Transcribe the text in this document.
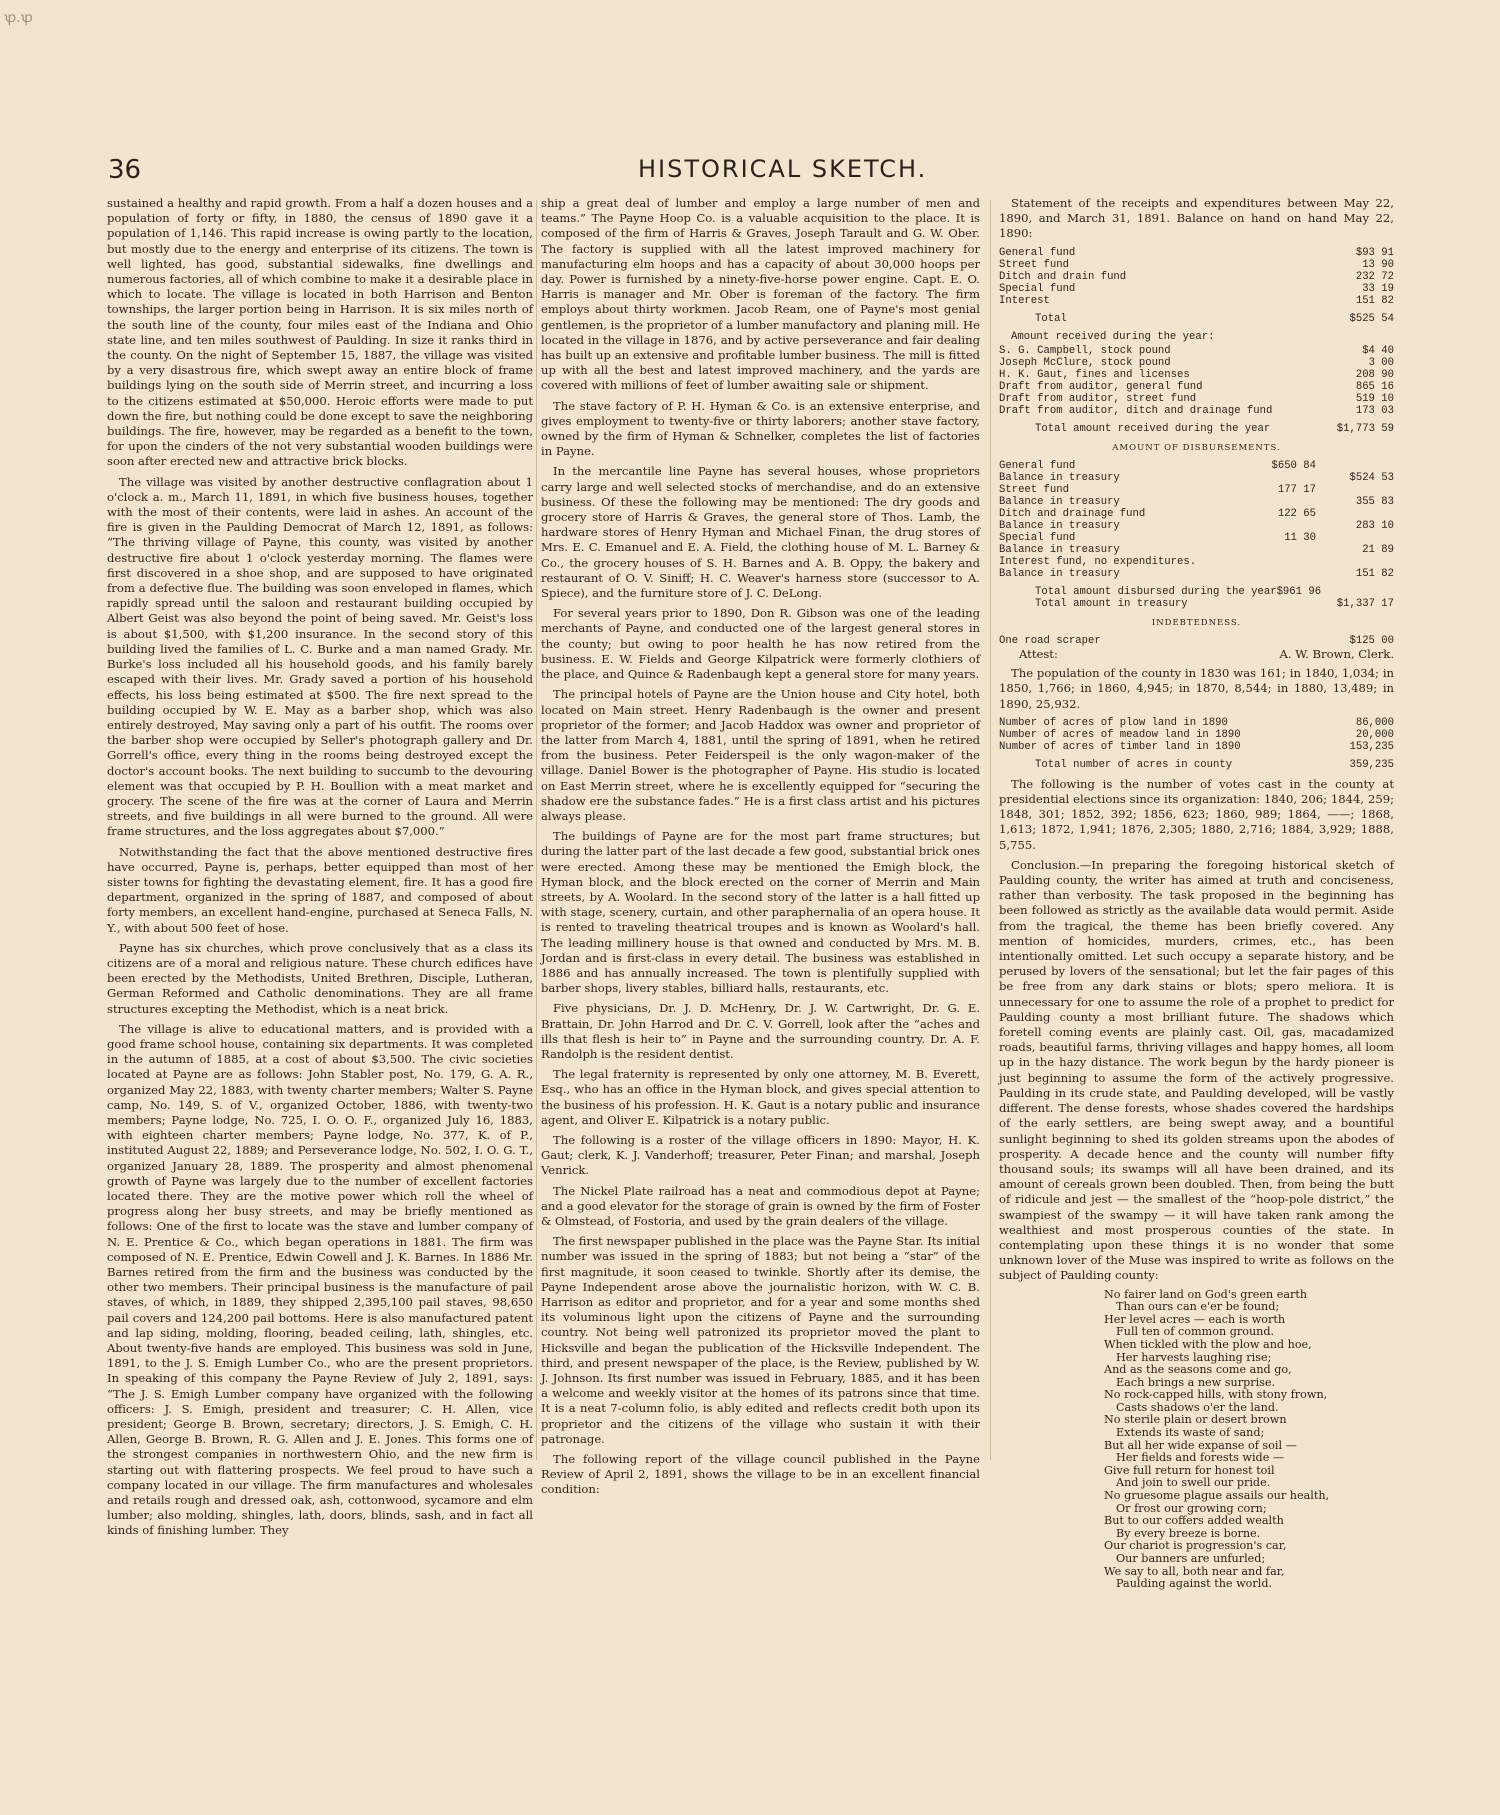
ꝕ.ꝕ
36	HISTORICAL SKETCH.

sustained a healthy and rapid growth. From a half a dozen houses and a population of forty or fifty, in 1880, the census of 1890 gave it a population of 1,146. This rapid increase is owing partly to the location, but mostly due to the energy and enterprise of its citizens. The town is well lighted, has good, substantial sidewalks, fine dwellings and numerous factories, all of which combine to make it a desirable place in which to locate. The village is located in both Harrison and Benton townships, the larger portion being in Harrison. It is six miles north of the south line of the county, four miles east of the Indiana and Ohio state line, and ten miles southwest of Paulding. In size it ranks third in the county. On the night of September 15, 1887, the village was visited by a very disastrous fire, which swept away an entire block of frame buildings lying on the south side of Merrin street, and incurring a loss to the citizens estimated at $50,000. Heroic efforts were made to put down the fire, but nothing could be done except to save the neighboring buildings. The fire, however, may be regarded as a benefit to the town, for upon the cinders of the not very substantial wooden buildings were soon after erected new and attractive brick blocks.

The village was visited by another destructive conflagration about 1 o'clock a. m., March 11, 1891, in which five business houses, together with the most of their contents, were laid in ashes. An account of the fire is given in the Paulding Democrat of March 12, 1891, as follows: “The thriving village of Payne, this county, was visited by another destructive fire about 1 o'clock yesterday morning. The flames were first discovered in a shoe shop, and are supposed to have originated from a defective flue. The building was soon enveloped in flames, which rapidly spread until the saloon and restaurant building occupied by Albert Geist was also beyond the point of being saved. Mr. Geist's loss is about $1,500, with $1,200 insurance. In the second story of this building lived the families of L. C. Burke and a man named Grady. Mr. Burke's loss included all his household goods, and his family barely escaped with their lives. Mr. Grady saved a portion of his household effects, his loss being estimated at $500. The fire next spread to the building occupied by W. E. May as a barber shop, which was also entirely destroyed, May saving only a part of his outfit. The rooms over the barber shop were occupied by Seller's photograph gallery and Dr. Gorrell's office, every thing in the rooms being destroyed except the doctor's account books. The next building to succumb to the devouring element was that occupied by P. H. Boullion with a meat market and grocery. The scene of the fire was at the corner of Laura and Merrin streets, and five buildings in all were burned to the ground. All were frame structures, and the loss aggregates about $7,000.”

Notwithstanding the fact that the above mentioned destructive fires have occurred, Payne is, perhaps, better equipped than most of her sister towns for fighting the devastating element, fire. It has a good fire department, organized in the spring of 1887, and composed of about forty members, an excellent hand-engine, purchased at Seneca Falls, N. Y., with about 500 feet of hose.

Payne has six churches, which prove conclusively that as a class its citizens are of a moral and religious nature. These church edifices have been erected by the Methodists, United Brethren, Disciple, Lutheran, German Reformed and Catholic denominations. They are all frame structures excepting the Methodist, which is a neat brick.

The village is alive to educational matters, and is provided with a good frame school house, containing six departments. It was completed in the autumn of 1885, at a cost of about $3,500. The civic societies located at Payne are as follows: John Stabler post, No. 179, G. A. R., organized May 22, 1883, with twenty charter members; Walter S. Payne camp, No. 149, S. of V., organized October, 1886, with twenty-two members; Payne lodge, No. 725, I. O. O. F., organized July 16, 1883, with eighteen charter members; Payne lodge, No. 377, K. of P., instituted August 22, 1889; and Perseverance lodge, No. 502, I. O. G. T., organized January 28, 1889. The prosperity and almost phenomenal growth of Payne was largely due to the number of excellent factories located there. They are the motive power which roll the wheel of progress along her busy streets, and may be briefly mentioned as follows: One of the first to locate was the stave and lumber company of N. E. Prentice & Co., which began operations in 1881. The firm was composed of N. E. Prentice, Edwin Cowell and J. K. Barnes. In 1886 Mr. Barnes retired from the firm and the business was conducted by the other two members. Their principal business is the manufacture of pail staves, of which, in 1889, they shipped 2,395,100 pail staves, 98,650 pail covers and 124,200 pail bottoms. Here is also manufactured patent and lap siding, molding, flooring, beaded ceiling, lath, shingles, etc. About twenty-five hands are employed. This business was sold in June, 1891, to the J. S. Emigh Lumber Co., who are the present proprietors. In speaking of this company the Payne Review of July 2, 1891, says: “The J. S. Emigh Lumber company have organized with the following officers: J. S. Emigh, president and treasurer; C. H. Allen, vice president; George B. Brown, secretary; directors, J. S. Emigh, C. H. Allen, George B. Brown, R. G. Allen and J. E. Jones. This forms one of the strongest companies in northwestern Ohio, and the new firm is starting out with flattering prospects. We feel proud to have such a company located in our village. The firm manufactures and wholesales and retails rough and dressed oak, ash, cottonwood, sycamore and elm lumber; also molding, shingles, lath, doors, blinds, sash, and in fact all kinds of finishing lumber. They

ship a great deal of lumber and employ a large number of men and teams.” The Payne Hoop Co. is a valuable acquisition to the place. It is composed of the firm of Harris & Graves, Joseph Tarault and G. W. Ober. The factory is supplied with all the latest improved machinery for manufacturing elm hoops and has a capacity of about 30,000 hoops per day. Power is furnished by a ninety-five-horse power engine. Capt. E. O. Harris is manager and Mr. Ober is foreman of the factory. The firm employs about thirty workmen. Jacob Ream, one of Payne's most genial gentlemen, is the proprietor of a lumber manufactory and planing mill. He located in the village in 1876, and by active perseverance and fair dealing has built up an extensive and profitable lumber business. The mill is fitted up with all the best and latest improved machinery, and the yards are covered with millions of feet of lumber awaiting sale or shipment.

The stave factory of P. H. Hyman & Co. is an extensive enterprise, and gives employment to twenty-five or thirty laborers; another stave factory, owned by the firm of Hyman & Schnelker, completes the list of factories in Payne.

In the mercantile line Payne has several houses, whose proprietors carry large and well selected stocks of merchandise, and do an extensive business. Of these the following may be mentioned: The dry goods and grocery store of Harris & Graves, the general store of Thos. Lamb, the hardware stores of Henry Hyman and Michael Finan, the drug stores of Mrs. E. C. Emanuel and E. A. Field, the clothing house of M. L. Barney & Co., the grocery houses of S. H. Barnes and A. B. Oppy, the bakery and restaurant of O. V. Siniff; H. C. Weaver's harness store (successor to A. Spiece), and the furniture store of J. C. DeLong.

For several years prior to 1890, Don R. Gibson was one of the leading merchants of Payne, and conducted one of the largest general stores in the county; but owing to poor health he has now retired from the business. E. W. Fields and George Kilpatrick were formerly clothiers of the place, and Quince & Radenbaugh kept a general store for many years.

The principal hotels of Payne are the Union house and City hotel, both located on Main street. Henry Radenbaugh is the owner and present proprietor of the former; and Jacob Haddox was owner and proprietor of the latter from March 4, 1881, until the spring of 1891, when he retired from the business. Peter Feiderspeil is the only wagon-maker of the village. Daniel Bower is the photographer of Payne. His studio is located on East Merrin street, where he is excellently equipped for “securing the shadow ere the substance fades.” He is a first class artist and his pictures always please.

The buildings of Payne are for the most part frame structures; but during the latter part of the last decade a few good, substantial brick ones were erected. Among these may be mentioned the Emigh block, the Hyman block, and the block erected on the corner of Merrin and Main streets, by A. Woolard. In the second story of the latter is a hall fitted up with stage, scenery, curtain, and other paraphernalia of an opera house. It is rented to traveling theatrical troupes and is known as Woolard's hall. The leading millinery house is that owned and conducted by Mrs. M. B. Jordan and is first-class in every detail. The business was established in 1886 and has annually increased. The town is plentifully supplied with barber shops, livery stables, billiard halls, restaurants, etc.

Five physicians, Dr. J. D. McHenry, Dr. J. W. Cartwright, Dr. G. E. Brattain, Dr. John Harrod and Dr. C. V. Gorrell, look after the “aches and ills that flesh is heir to” in Payne and the surrounding country. Dr. A. F. Randolph is the resident dentist.

The legal fraternity is represented by only one attorney, M. B. Everett, Esq., who has an office in the Hyman block, and gives special attention to the business of his profession. H. K. Gaut is a notary public and insurance agent, and Oliver E. Kilpatrick is a notary public.

The following is a roster of the village officers in 1890: Mayor, H. K. Gaut; clerk, K. J. Vanderhoff; treasurer, Peter Finan; and marshal, Joseph Venrick.

The Nickel Plate railroad has a neat and commodious depot at Payne; and a good elevator for the storage of grain is owned by the firm of Foster & Olmstead, of Fostoria, and used by the grain dealers of the village.

The first newspaper published in the place was the Payne Star. Its initial number was issued in the spring of 1883; but not being a “star” of the first magnitude, it soon ceased to twinkle. Shortly after its demise, the Payne Independent arose above the journalistic horizon, with W. C. B. Harrison as editor and proprietor, and for a year and some months shed its voluminous light upon the citizens of Payne and the surrounding country. Not being well patronized its proprietor moved the plant to Hicksville and began the publication of the Hicksville Independent. The third, and present newspaper of the place, is the Review, published by W. J. Johnson. Its first number was issued in February, 1885, and it has been a welcome and weekly visitor at the homes of its patrons since that time. It is a neat 7-column folio, is ably edited and reflects credit both upon its proprietor and the citizens of the village who sustain it with their patronage.

The following report of the village council published in the Payne Review of April 2, 1891, shows the village to be in an excellent financial condition:

Statement of the receipts and expenditures between May 22, 1890, and March 31, 1891. Balance on hand on hand May 22, 1890:

General fund	$93 91
Street fund	13 90
Ditch and drain fund	232 72
Special fund	33 19
Interest	151 82
Total	$525 54
Amount received during the year:
S. G. Campbell, stock pound	$4 40
Joseph McClure, stock pound	3 00
H. K. Gaut, fines and licenses	208 90
Draft from auditor, general fund	865 16
Draft from auditor, street fund	519 10
Draft from auditor, ditch and drainage fund	173 03
Total amount received during the year	$1,773 59
AMOUNT OF DISBURSEMENTS.
General fund	$650 84
Balance in treasury	$524 53
Street fund	177 17
Balance in treasury	355 83
Ditch and drainage fund	122 65
Balance in treasury	283 10
Special fund	11 30
Balance in treasury	21 89
Interest fund, no expenditures.
Balance in treasury	151 82
Total amount disbursed during the year $961 96
Total amount in treasury	$1,337 17
INDEBTEDNESS.
One road scraper	$125 00
Attest:	A. W. Brown, Clerk.

The population of the county in 1830 was 161; in 1840, 1,034; in 1850, 1,766; in 1860, 4,945; in 1870, 8,544; in 1880, 13,489; in 1890, 25,932.

Number of acres of plow land in 1890	86,000
Number of acres of meadow land in 1890	20,000
Number of acres of timber land in 1890	153,235
Total number of acres in county	359,235

The following is the number of votes cast in the county at presidential elections since its organization: 1840, 206; 1844, 259; 1848, 301; 1852, 392; 1856, 623; 1860, 989; 1864, ——; 1868, 1,613; 1872, 1,941; 1876, 2,305; 1880, 2,716; 1884, 3,929; 1888, 5,755.

Conclusion.—In preparing the foregoing historical sketch of Paulding county, the writer has aimed at truth and conciseness, rather than verbosity. The task proposed in the beginning has been followed as strictly as the available data would permit. Aside from the tragical, the theme has been briefly covered. Any mention of homicides, murders, crimes, etc., has been intentionally omitted. Let such occupy a separate history, and be perused by lovers of the sensational; but let the fair pages of this be free from any dark stains or blots; spero meliora. It is unnecessary for one to assume the role of a prophet to predict for Paulding county a most brilliant future. The shadows which foretell coming events are plainly cast. Oil, gas, macadamized roads, beautiful farms, thriving villages and happy homes, all loom up in the hazy distance. The work begun by the hardy pioneer is just beginning to assume the form of the actively progressive. Paulding in its crude state, and Paulding developed, will be vastly different. The dense forests, whose shades covered the hardships of the early settlers, are being swept away, and a bountiful sunlight beginning to shed its golden streams upon the abodes of prosperity. A decade hence and the county will number fifty thousand souls; its swamps will all have been drained, and its amount of cereals grown been doubled. Then, from being the butt of ridicule and jest — the smallest of the “hoop-pole district,” the swampiest of the swampy — it will have taken rank among the wealthiest and most prosperous counties of the state. In contemplating upon these things it is no wonder that some unknown lover of the Muse was inspired to write as follows on the subject of Paulding county:

No fairer land on God's green earth
Than ours can e'er be found;
Her level acres — each is worth
Full ten of common ground.
When tickled with the plow and hoe,
Her harvests laughing rise;
And as the seasons come and go,
Each brings a new surprise.
No rock-capped hills, with stony frown,
Casts shadows o'er the land.
No sterile plain or desert brown
Extends its waste of sand;
But all her wide expanse of soil —
Her fields and forests wide —
Give full return for honest toil
And join to swell our pride.
No gruesome plague assails our health,
Or frost our growing corn;
But to our coffers added wealth
By every breeze is borne.
Our chariot is progression's car,
Our banners are unfurled;
We say to all, both near and far,
Paulding against the world.
